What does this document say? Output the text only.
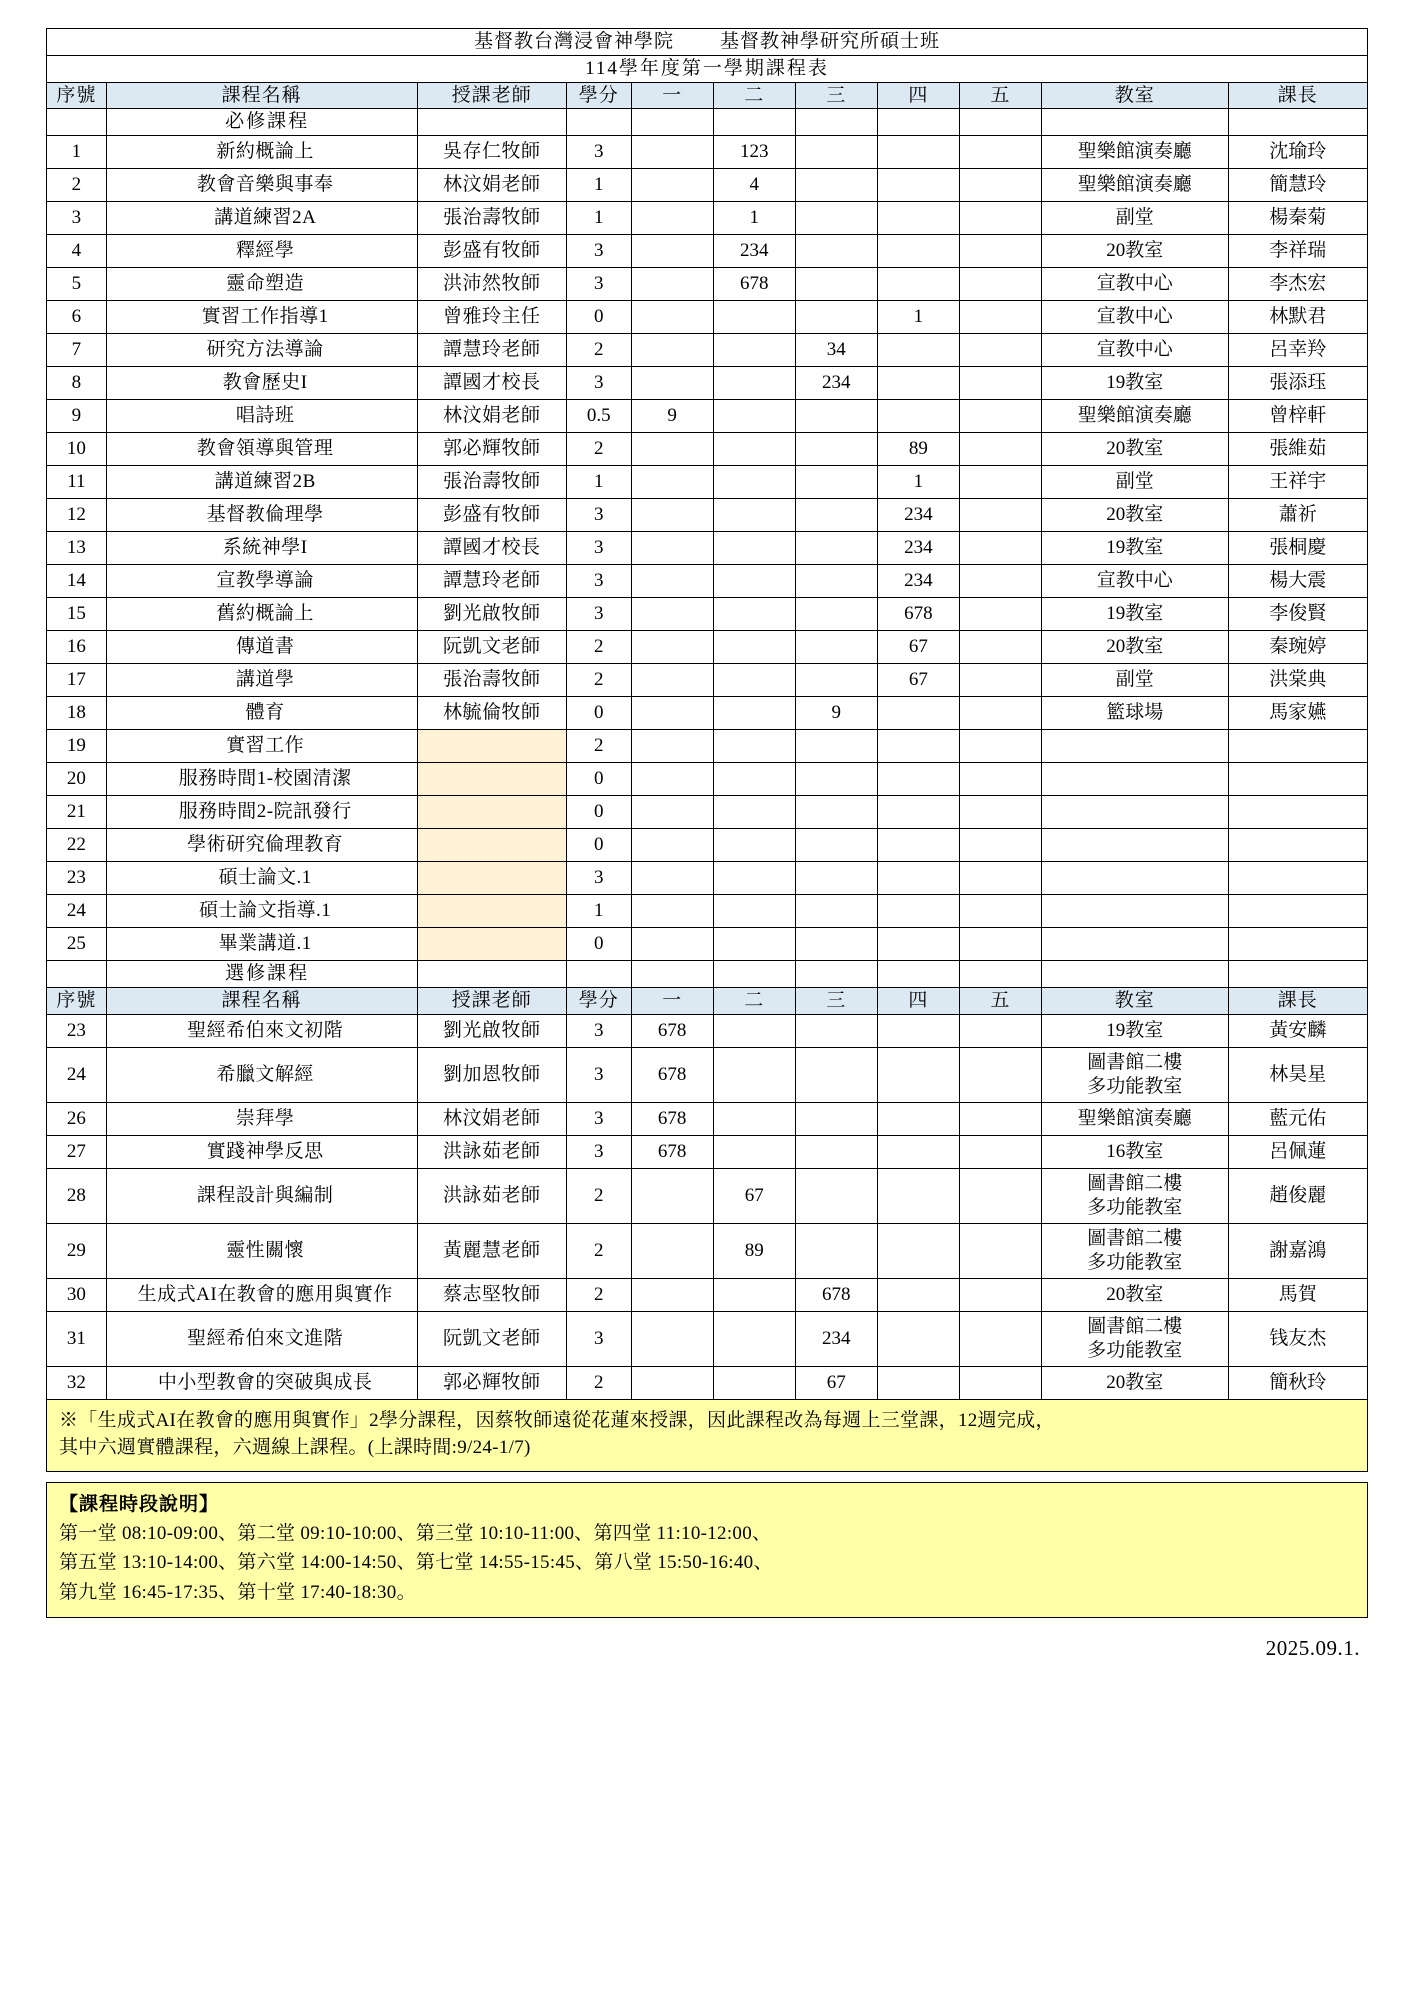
基督教台灣浸會神學院 基督教神學研究所碩士班										

114學年度第一學期課程表										
序號	課程名稱	授課老師	學分	一	二	三	四	五	教室	課長
	必修課程									
1	新約概論上	吳存仁牧師	3		123				聖樂館演奏廳	沈瑜玲
2	教會音樂與事奉	林汶娟老師	1		4				聖樂館演奏廳	簡慧玲
3	講道練習2A	張治壽牧師	1		1				副堂	楊秦菊
4	釋經學	彭盛有牧師	3		234				20教室	李祥瑞
5	靈命塑造	洪沛然牧師	3		678				宣教中心	李杰宏
6	實習工作指導1	曾雅玲主任	0				1		宣教中心	林默君
7	研究方法導論	譚慧玲老師	2			34			宣教中心	呂幸羚
8	教會歷史I	譚國才校長	3			234			19教室	張添珏
9	唱詩班	林汶娟老師	0.5	9					聖樂館演奏廳	曾梓軒
10	教會領導與管理	郭必輝牧師	2				89		20教室	張維茹
11	講道練習2B	張治壽牧師	1				1		副堂	王祥宇
12	基督教倫理學	彭盛有牧師	3				234		20教室	蕭祈
13	系統神學I	譚國才校長	3				234		19教室	張桐慶
14	宣教學導論	譚慧玲老師	3				234		宣教中心	楊大震
15	舊約概論上	劉光啟牧師	3				678		19教室	李俊賢
16	傳道書	阮凱文老師	2				67		20教室	秦琬婷
17	講道學	張治壽牧師	2				67		副堂	洪棠典
18	體育	林毓倫牧師	0			9			籃球場	馬家嬿
19	實習工作		2							
20	服務時間1-校園清潔		0							
21	服務時間2-院訊發行		0							
22	學術研究倫理教育		0							
23	碩士論文.1		3							
24	碩士論文指導.1		1							
25	畢業講道.1		0							
	選修課程									
序號	課程名稱	授課老師	學分	一	二	三	四	五	教室	課長
23	聖經希伯來文初階	劉光啟牧師	3	678					19教室	黃安麟
24	希臘文解經	劉加恩牧師	3	678					圖書館二樓
多功能教室	林昊星
26	崇拜學	林汶娟老師	3	678					聖樂館演奏廳	藍元佑
27	實踐神學反思	洪詠茹老師	3	678					16教室	呂佩蓮
28	課程設計與編制	洪詠茹老師	2		67				圖書館二樓
多功能教室	趙俊麗
29	靈性關懷	黃麗慧老師	2		89				圖書館二樓
多功能教室	謝嘉鴻
30	生成式AI在教會的應用與實作	蔡志堅牧師	2			678			20教室	馬賀
31	聖經希伯來文進階	阮凱文老師	3			234			圖書館二樓
多功能教室	钱友杰
32	中小型教會的突破與成長	郭必輝牧師	2			67			20教室	簡秋玲

※「生成式AI在教會的應用與實作」2學分課程，因蔡牧師遠從花蓮來授課，因此課程改為每週上三堂課，12週完成，

其中六週實體課程，六週線上課程。(上課時間:9/24-1/7)

【課程時段說明】

第一堂 08:10-09:00、第二堂 09:10-10:00、第三堂 10:10-11:00、第四堂 11:10-12:00、

第五堂 13:10-14:00、第六堂 14:00-14:50、第七堂 14:55-15:45、第八堂 15:50-16:40、

第九堂 16:45-17:35、第十堂 17:40-18:30。

2025.09.1.
